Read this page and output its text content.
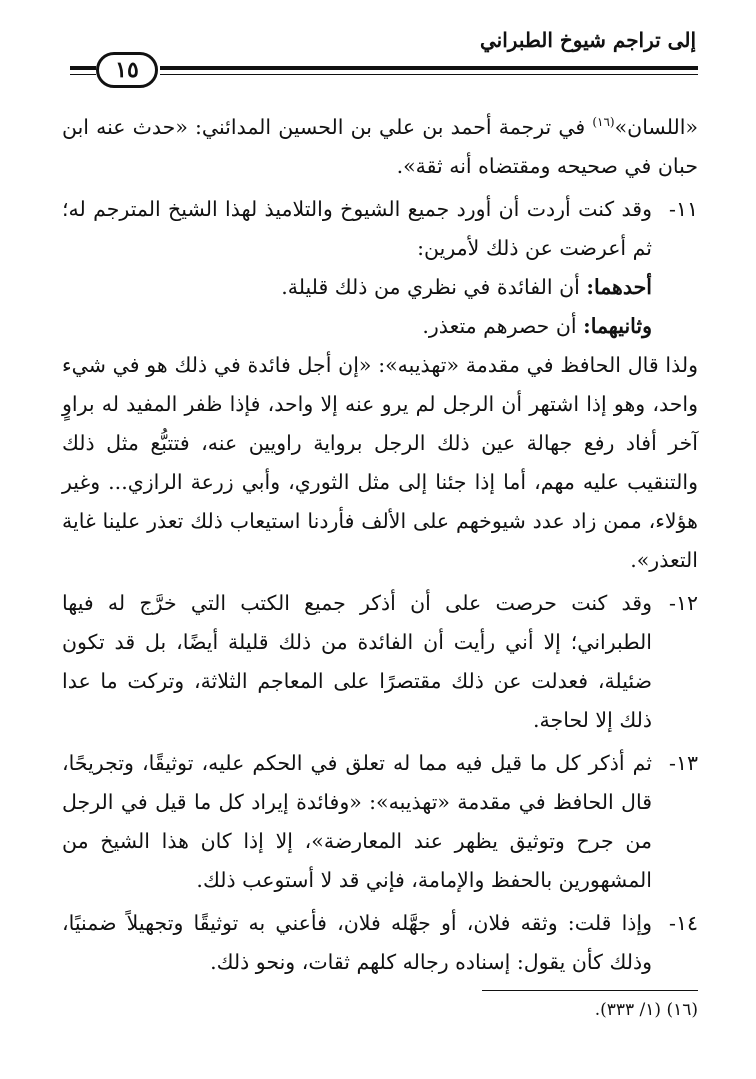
إلى تراجم شيوخ الطبراني
١٥

«اللسان»$^{(١٦)}$ في ترجمة أحمد بن علي بن الحسين المدائني: «حدث عنه ابن حبان في صحيحه ومقتضاه أنه ثقة».

١١-
وقد كنت أردت أن أورد جميع الشيوخ والتلاميذ لهذا الشيخ المترجم له؛ ثم أعرضت عن ذلك لأمرين:

أحدهما: أن الفائدة في نظري من ذلك قليلة.

وثانيهما: أن حصرهم متعذر.

ولذا قال الحافظ في مقدمة «تهذيبه»: «إن أجل فائدة في ذلك هو في شيء واحد، وهو إذا اشتهر أن الرجل لم يرو عنه إلا واحد، فإذا ظفر المفيد له براوٍ آخر أفاد رفع جهالة عين ذلك الرجل برواية راويين عنه، فتتبُّع مثل ذلك والتنقيب عليه مهم، أما إذا جئنا إلى مثل الثوري، وأبي زرعة الرازي... وغير هؤلاء، ممن زاد عدد شيوخهم على الألف فأردنا استيعاب ذلك تعذر علينا غاية التعذر».

١٢-
وقد كنت حرصت على أن أذكر جميع الكتب التي خرَّج له فيها الطبراني؛ إلا أني رأيت أن الفائدة من ذلك قليلة أيضًا، بل قد تكون ضئيلة، فعدلت عن ذلك مقتصرًا على المعاجم الثلاثة، وتركت ما عدا ذلك إلا لحاجة.
١٣-
ثم أذكر كل ما قيل فيه مما له تعلق في الحكم عليه، توثيقًا، وتجريحًا، قال الحافظ في مقدمة «تهذيبه»: «وفائدة إيراد كل ما قيل في الرجل من جرح وتوثيق يظهر عند المعارضة»، إلا إذا كان هذا الشيخ من المشهورين بالحفظ والإمامة، فإني قد لا أستوعب ذلك.
١٤-
وإذا قلت: وثقه فلان، أو جهَّله فلان، فأعني به توثيقًا وتجهيلاً ضمنيًا، وذلك كأن يقول: إسناده رجاله كلهم ثقات، ونحو ذلك.
(١٦) (١/ ٣٣٣).
